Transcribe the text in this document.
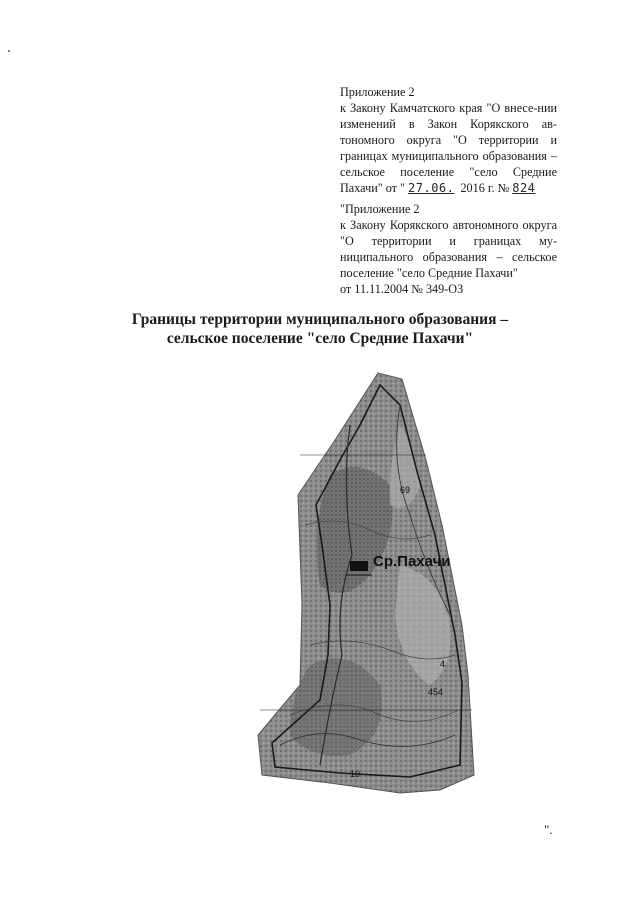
Приложение 2

к Закону Камчатского края "О внесе-нии изменений в Закон Корякского ав-тономного округа "О территории и границах муниципального образования – сельское поселение "село Средние Пахачи" от " 27.06. 2016 г. № 824

"Приложение 2

к Закону Корякского автономного округа "О территории и границах му-ниципального образования – сельское поселение "село Средние Пахачи"

от 11.11.2004 № 349-ОЗ

Границы территории муниципального образования –

сельское поселение "село Средние Пахачи"

69
4
454
10
Ср.Пахачи
".
